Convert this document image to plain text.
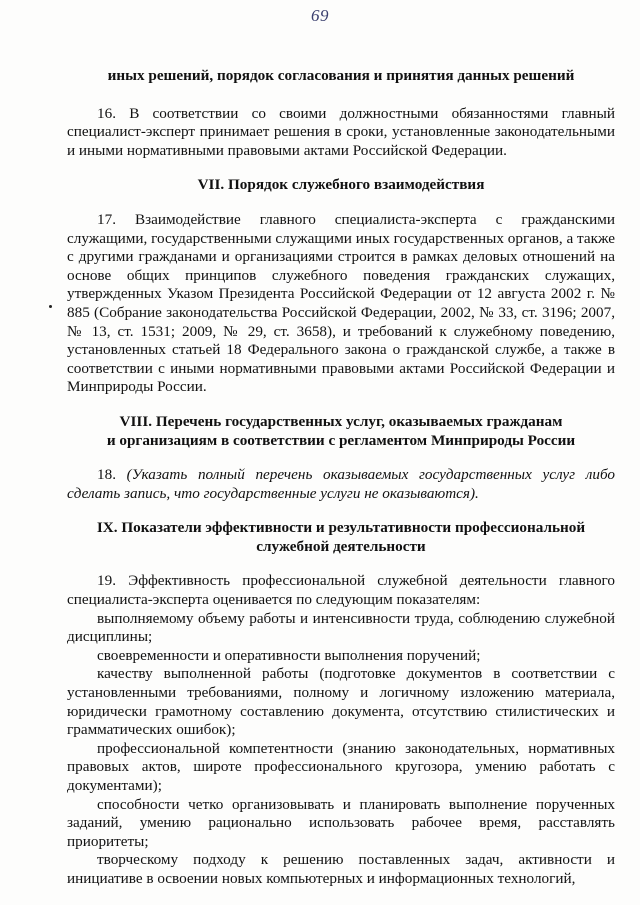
69

иных решений, порядок согласования и принятия данных решений

16. В соответствии со своими должностными обязанностями главный специалист-эксперт принимает решения в сроки, установленные законодательными и иными нормативными правовыми актами Российской Федерации.

VII. Порядок служебного взаимодействия

17. Взаимодействие главного специалиста-эксперта с гражданскими служащими, государственными служащими иных государственных органов, а также с другими гражданами и организациями строится в рамках деловых отношений на основе общих принципов служебного поведения гражданских служащих, утвержденных Указом Президента Российской Федерации от 12 августа 2002 г. № 885 (Собрание законодательства Российской Федерации, 2002, № 33, ст. 3196; 2007, № 13, ст. 1531; 2009, № 29, ст. 3658), и требований к служебному поведению, установленных статьей 18 Федерального закона о гражданской службе, а также в соответствии с иными нормативными правовыми актами Российской Федерации и Минприроды России.

VIII. Перечень государственных услуг, оказываемых гражданам
и организациям в соответствии с регламентом Минприроды России

18. (Указать полный перечень оказываемых государственных услуг либо сделать запись, что государственные услуги не оказываются).

IX. Показатели эффективности и результативности профессиональной
служебной деятельности

19. Эффективность профессиональной служебной деятельности главного специалиста-эксперта оценивается по следующим показателям:

выполняемому объему работы и интенсивности труда, соблюдению служебной дисциплины;

своевременности и оперативности выполнения поручений;

качеству выполненной работы (подготовке документов в соответствии с установленными требованиями, полному и логичному изложению материала, юридически грамотному составлению документа, отсутствию стилистических и грамматических ошибок);

профессиональной компетентности (знанию законодательных, нормативных правовых актов, широте профессионального кругозора, умению работать с документами);

способности четко организовывать и планировать выполнение порученных заданий, умению рационально использовать рабочее время, расставлять приоритеты;

творческому подходу к решению поставленных задач, активности и инициативе в освоении новых компьютерных и информационных технологий,
